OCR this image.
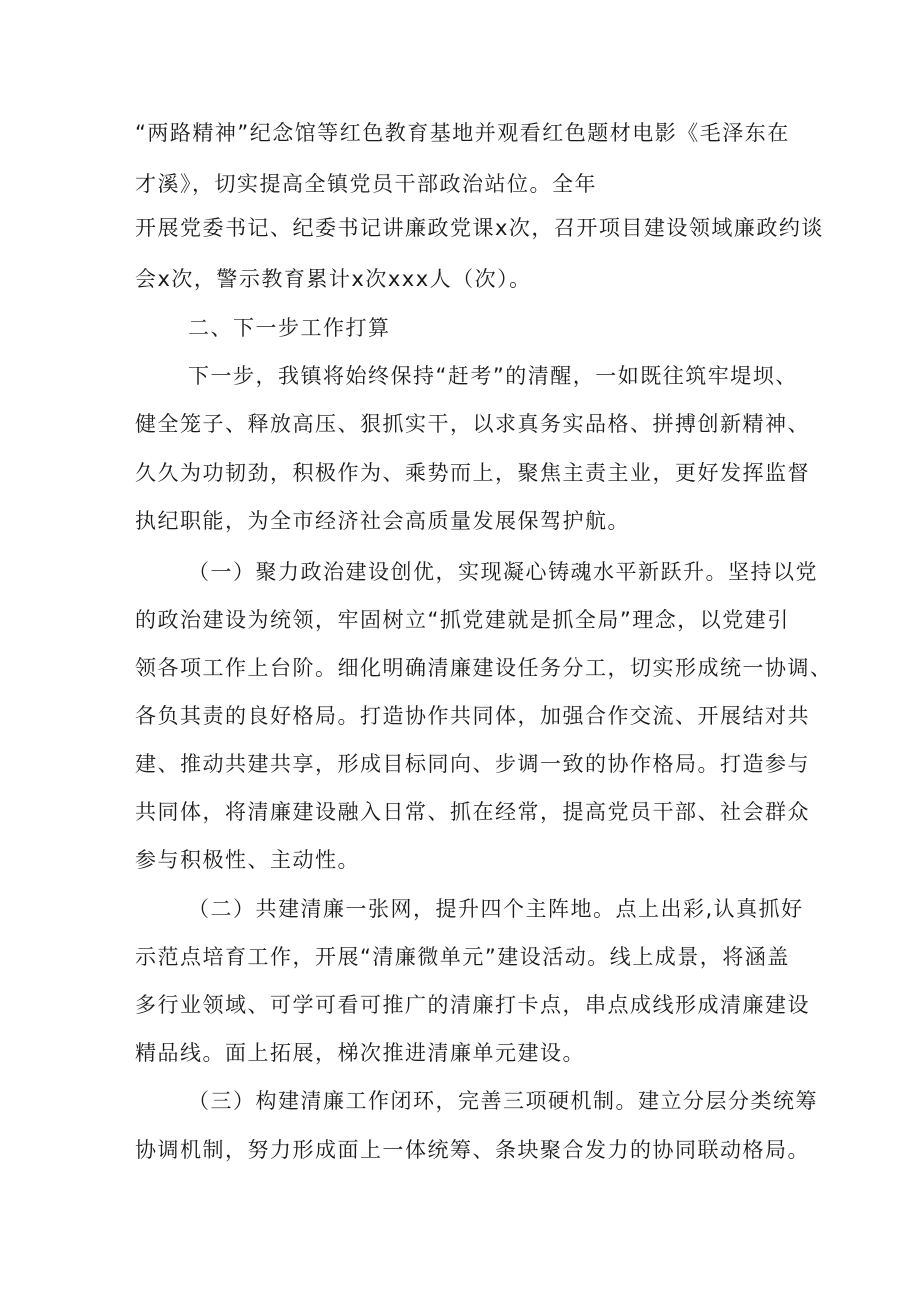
“两路精神”纪念馆等红色教育基地并观看红色题材电影《毛泽东在
才溪》，切实提高全镇党员干部政治站位。全年
开展党委书记、纪委书记讲廉政党课x次，召开项目建设领域廉政约谈
会x次，警示教育累计x次xxx人（次）。
二、下一步工作打算
下一步，我镇将始终保持“赶考”的清醒，一如既往筑牢堤坝、
健全笼子、释放高压、狠抓实干，以求真务实品格、拼搏创新精神、
久久为功韧劲，积极作为、乘势而上，聚焦主责主业，更好发挥监督
执纪职能，为全市经济社会高质量发展保驾护航。
（一）聚力政治建设创优，实现凝心铸魂水平新跃升。坚持以党
的政治建设为统领，牢固树立“抓党建就是抓全局”理念，以党建引
领各项工作上台阶。细化明确清廉建设任务分工，切实形成统一协调、
各负其责的良好格局。打造协作共同体，加强合作交流、开展结对共
建、推动共建共享，形成目标同向、步调一致的协作格局。打造参与
共同体，将清廉建设融入日常、抓在经常，提高党员干部、社会群众
参与积极性、主动性。
（二）共建清廉一张网，提升四个主阵地。点上出彩,认真抓好
示范点培育工作，开展“清廉微单元”建设活动。线上成景，将涵盖
多行业领域、可学可看可推广的清廉打卡点，串点成线形成清廉建设
精品线。面上拓展，梯次推进清廉单元建设。
（三）构建清廉工作闭环，完善三项硬机制。建立分层分类统筹
协调机制，努力形成面上一体统筹、条块聚合发力的协同联动格局。
